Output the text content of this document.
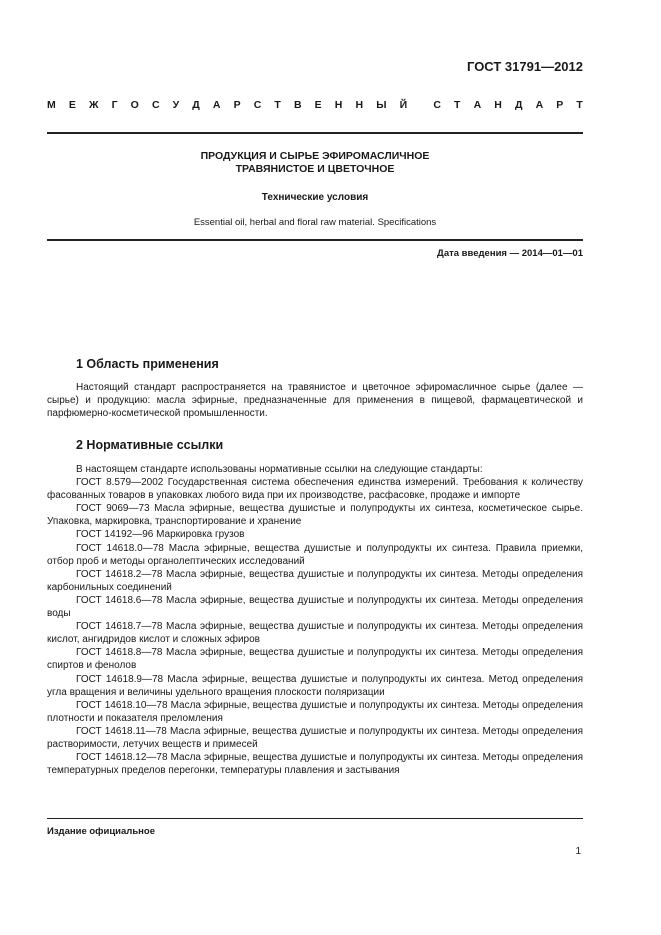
ГОСТ 31791—2012
М Е Ж Г О С У Д А Р С Т В Е Н Н Ы Й С Т А Н Д А Р Т
ПРОДУКЦИЯ И СЫРЬЕ ЭФИРОМАСЛИЧНОЕ
ТРАВЯНИСТОЕ И ЦВЕТОЧНОЕ
Технические условия
Essential oil, herbal and floral raw material. Specifications
Дата введения — 2014—01—01
1 Область применения

Настоящий стандарт распространяется на травянистое и цветочное эфиромасличное сырье (далее — сырье) и продукцию: масла эфирные, предназначенные для применения в пищевой, фармацевтической и парфюмерно-косметической промышленности.

2 Нормативные ссылки

В настоящем стандарте использованы нормативные ссылки на следующие стандарты:

ГОСТ 8.579—2002 Государственная система обеспечения единства измерений. Требования к количеству фасованных товаров в упаковках любого вида при их производстве, расфасовке, продаже и импорте

ГОСТ 9069—73 Масла эфирные, вещества душистые и полупродукты их синтеза, косметическое сырье. Упаковка, маркировка, транспортирование и хранение

ГОСТ 14192—96 Маркировка грузов

ГОСТ 14618.0—78 Масла эфирные, вещества душистые и полупродукты их синтеза. Правила приемки, отбор проб и методы органолептических исследований

ГОСТ 14618.2—78 Масла эфирные, вещества душистые и полупродукты их синтеза. Методы определения карбонильных соединений

ГОСТ 14618.6—78 Масла эфирные, вещества душистые и полупродукты их синтеза. Методы определения воды

ГОСТ 14618.7—78 Масла эфирные, вещества душистые и полупродукты их синтеза. Методы определения кислот, ангидридов кислот и сложных эфиров

ГОСТ 14618.8—78 Масла эфирные, вещества душистые и полупродукты их синтеза. Методы определения спиртов и фенолов

ГОСТ 14618.9—78 Масла эфирные, вещества душистые и полупродукты их синтеза. Метод определения угла вращения и величины удельного вращения плоскости поляризации

ГОСТ 14618.10—78 Масла эфирные, вещества душистые и полупродукты их синтеза. Методы определения плотности и показателя преломления

ГОСТ 14618.11—78 Масла эфирные, вещества душистые и полупродукты их синтеза. Методы определения растворимости, летучих веществ и примесей

ГОСТ 14618.12—78 Масла эфирные, вещества душистые и полупродукты их синтеза. Методы определения температурных пределов перегонки, температуры плавления и застывания

Издание официальное
1
